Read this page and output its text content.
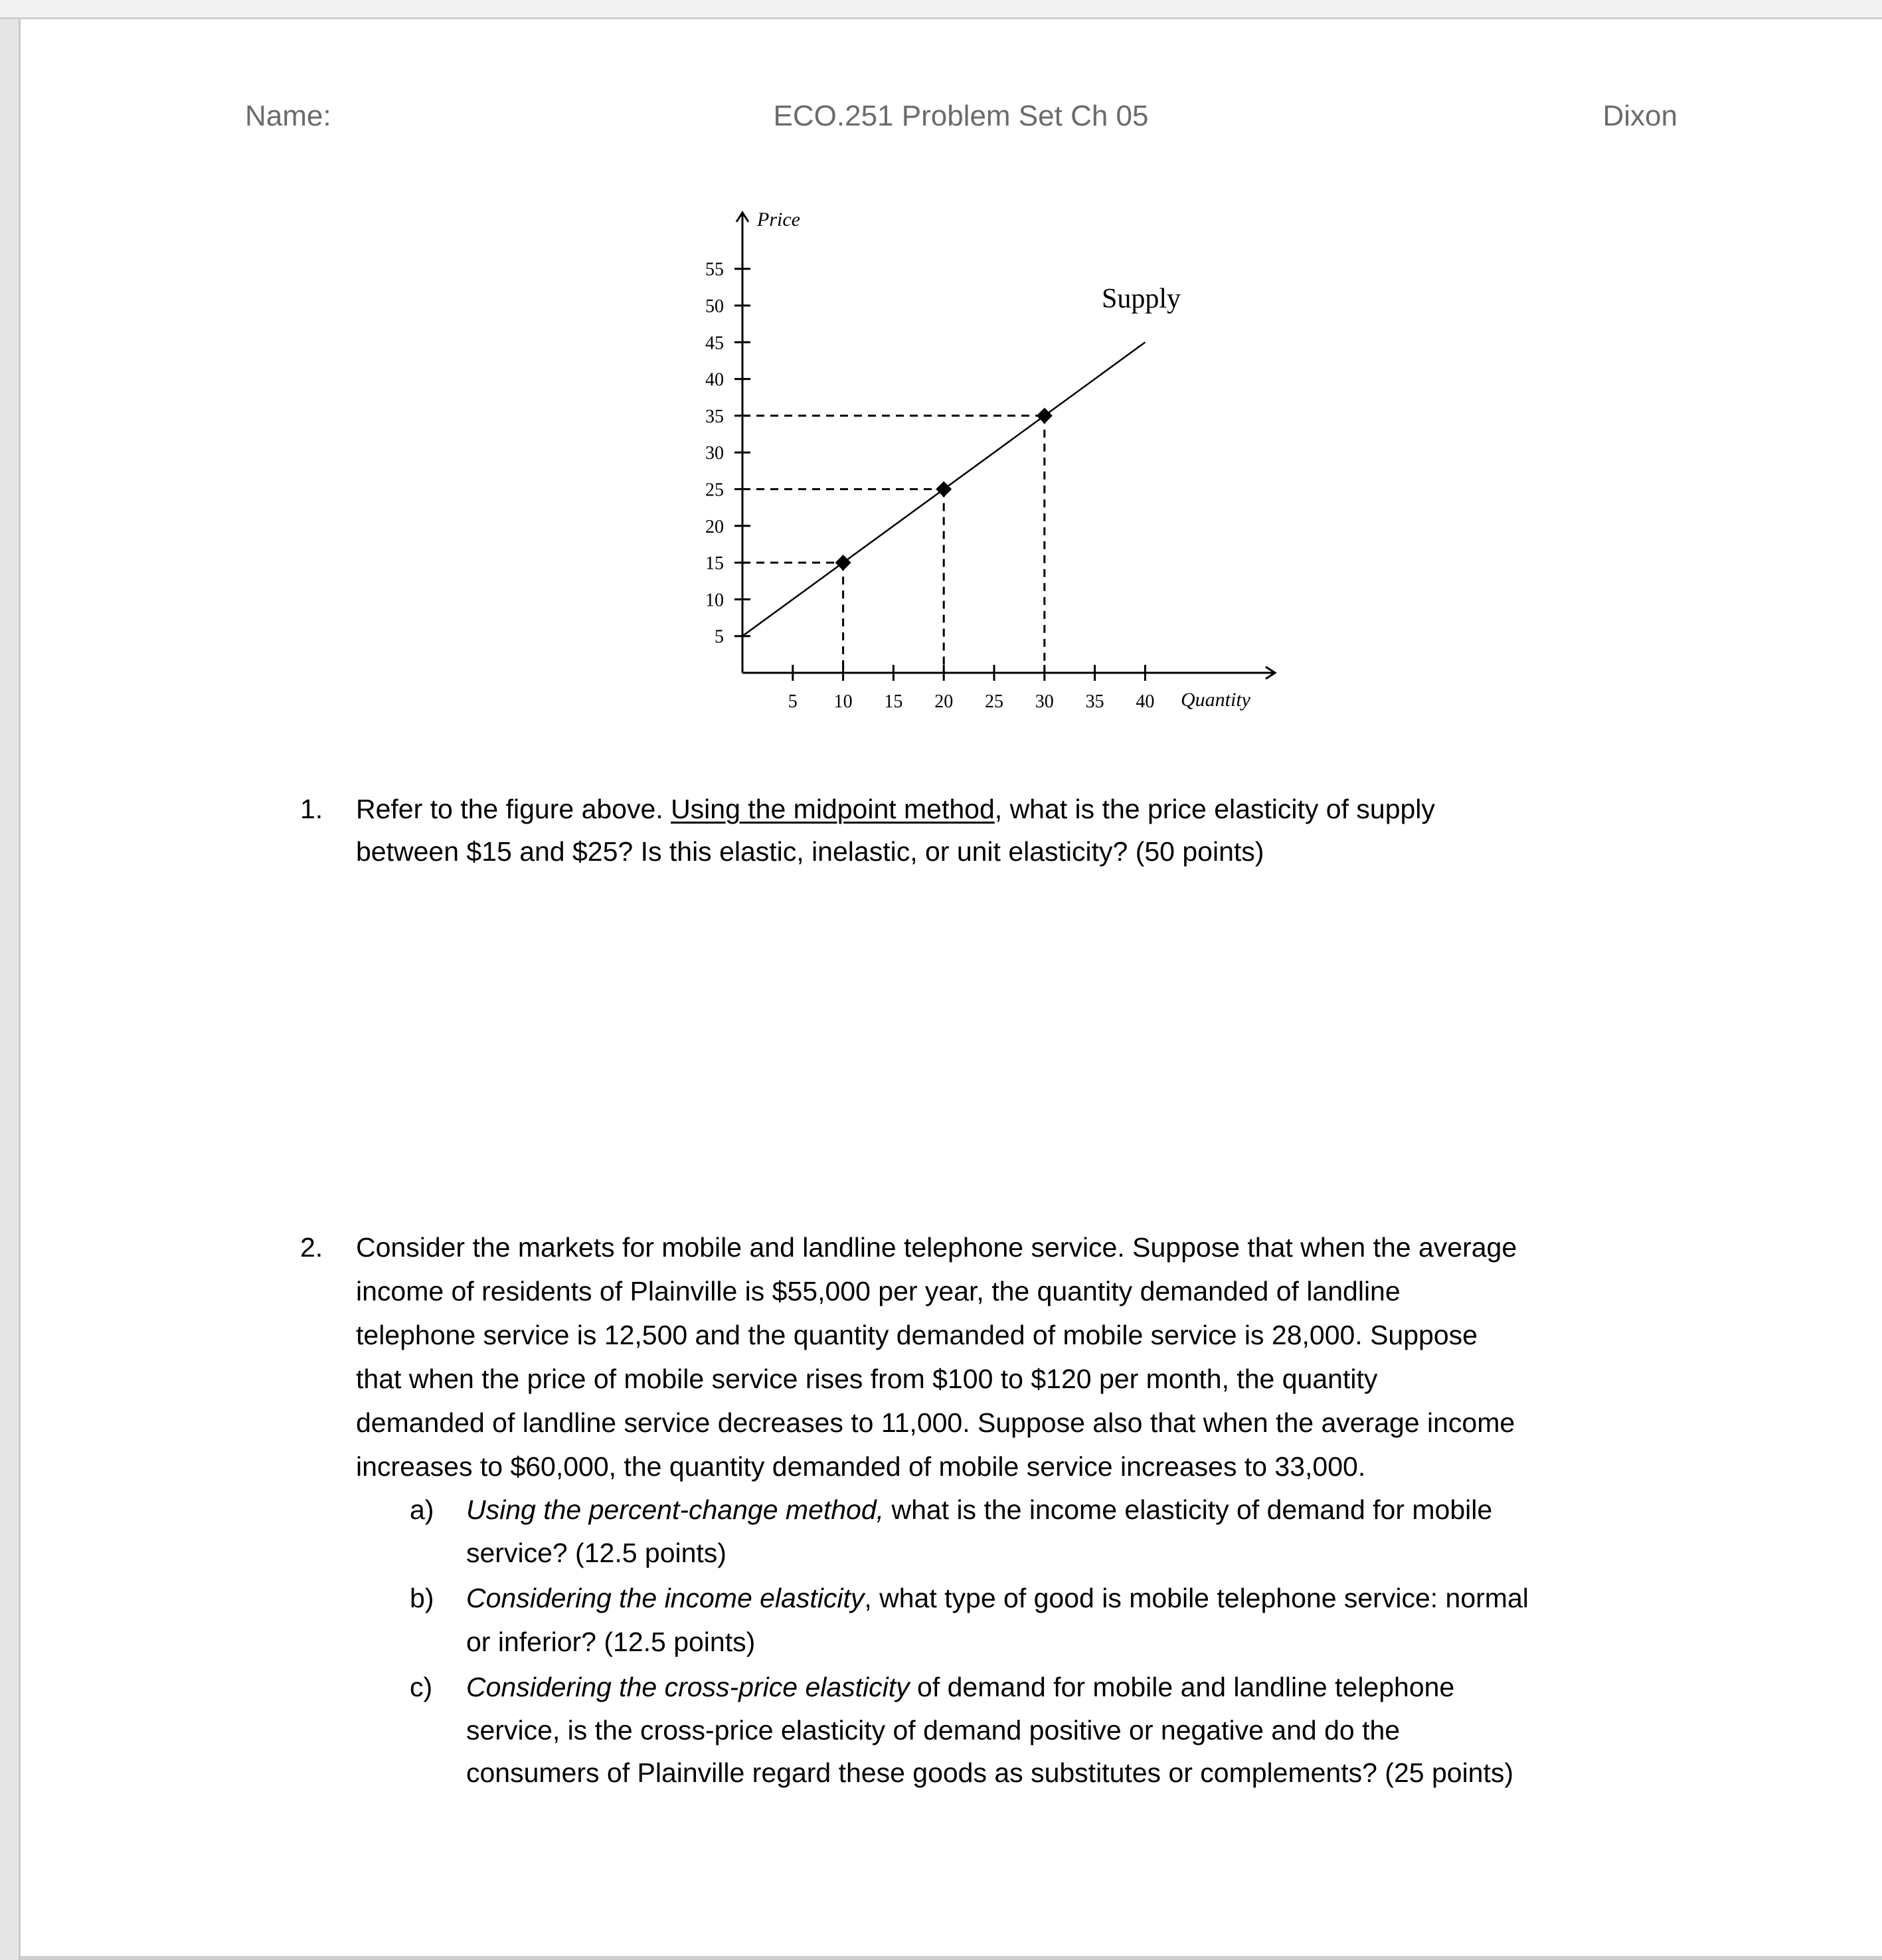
Name:	ECO.251 Problem Set Ch 05	Dixon
5
10
15
20
25
30
35
40
45
50
55
5 10 15 20 25 30 35 40
Price
Supply
Quantity
1. Refer to the figure above. Using the midpoint method, what is the price elasticity of supply
between $15 and $25? Is this elastic, inelastic, or unit elasticity? (50 points)
2. Consider the markets for mobile and landline telephone service. Suppose that when the average
income of residents of Plainville is $55,000 per year, the quantity demanded of landline
telephone service is 12,500 and the quantity demanded of mobile service is 28,000. Suppose
that when the price of mobile service rises from $100 to $120 per month, the quantity
demanded of landline service decreases to 11,000. Suppose also that when the average income
increases to $60,000, the quantity demanded of mobile service increases to 33,000.
a) Using the percent-change method, what is the income elasticity of demand for mobile
service? (12.5 points)
b) Considering the income elasticity, what type of good is mobile telephone service: normal
or inferior? (12.5 points)
c) Considering the cross-price elasticity of demand for mobile and landline telephone
service, is the cross-price elasticity of demand positive or negative and do the
consumers of Plainville regard these goods as substitutes or complements? (25 points)
